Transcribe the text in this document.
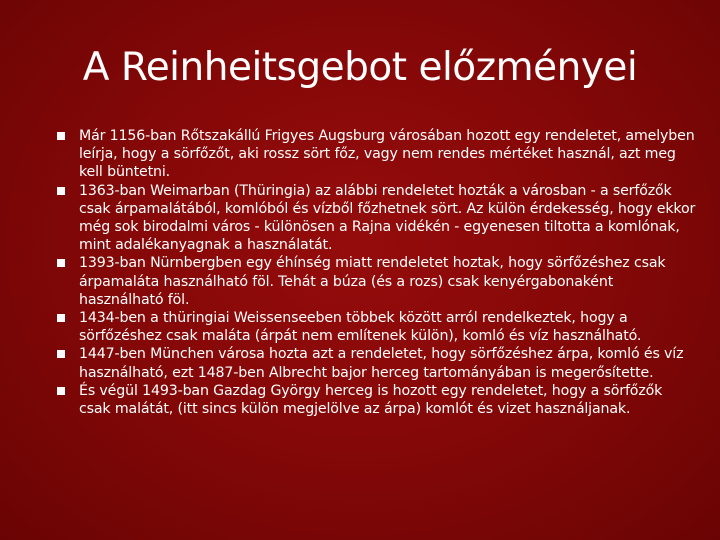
A Reinheitsgebot előzményei
Már 1156-ban Rőtszakállú Frigyes Augsburg városában hozott egy rendeletet, amelyben leírja, hogy a sörfőzőt, aki rossz sört főz, vagy nem rendes mértéket használ, azt meg kell büntetni.
1363-ban Weimarban (Thüringia) az alábbi rendeletet hozták a városban - a serfőzők csak árpamalátából, komlóból és vízből főzhetnek sört. Az külön érdekesség, hogy ekkor még sok birodalmi város - különösen a Rajna vidékén - egyenesen tiltotta a komlónak, mint adalékanyagnak a használatát.
1393-ban Nürnbergben egy éhínség miatt rendeletet hoztak, hogy sörfőzéshez csak árpamaláta használható föl. Tehát a búza (és a rozs) csak kenyérgabonaként használható föl.
1434-ben a thüringiai Weissenseeben többek között arról rendelkeztek, hogy a sörfőzéshez csak maláta (árpát nem említenek külön), komló és víz használható.
1447-ben München városa hozta azt a rendeletet, hogy sörfőzéshez árpa, komló és víz használható, ezt 1487-ben Albrecht bajor herceg tartományában is megerősítette.
És végül 1493-ban Gazdag György herceg is hozott egy rendeletet, hogy a sörfőzők csak malátát, (itt sincs külön megjelölve az árpa) komlót és vizet használjanak.
